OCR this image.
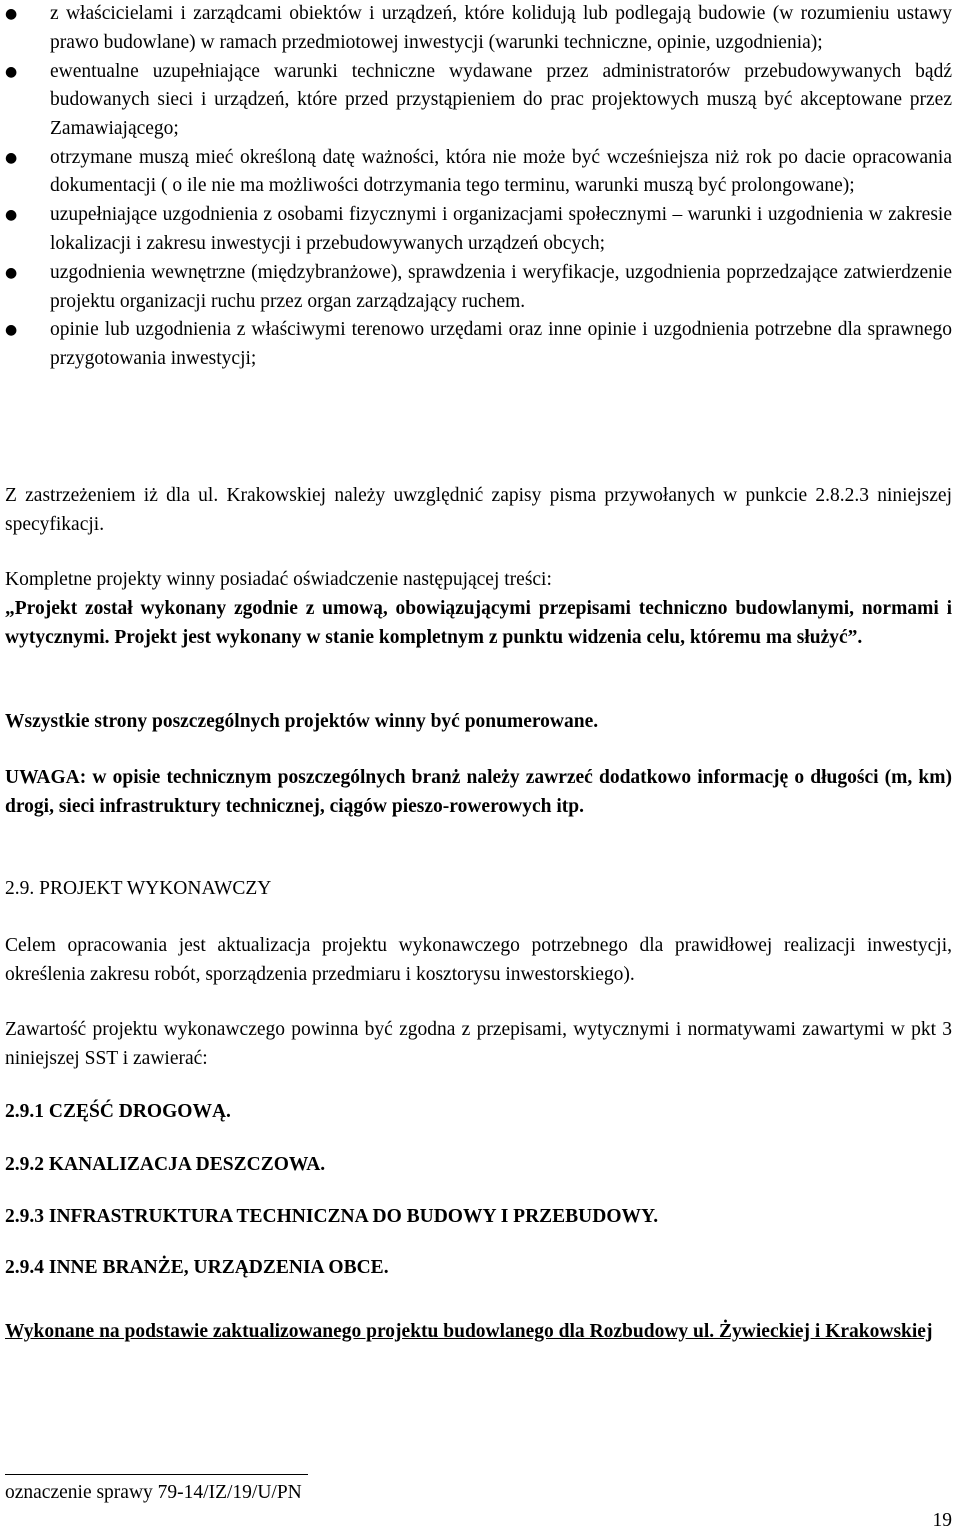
● z właścicielami i zarządcami obiektów i urządzeń, które kolidują lub podlegają budowie (w rozumieniu ustawy prawo budowlane) w ramach przedmiotowej inwestycji (warunki techniczne, opinie, uzgodnienia);
● ewentualne uzupełniające warunki techniczne wydawane przez administratorów przebudowywanych bądź budowanych sieci i urządzeń, które przed przystąpieniem do prac projektowych muszą być akceptowane przez Zamawiającego;
● otrzymane muszą mieć określoną datę ważności, która nie może być wcześniejsza niż rok po dacie opracowania dokumentacji ( o ile nie ma możliwości dotrzymania tego terminu, warunki muszą być prolongowane);
● uzupełniające uzgodnienia z osobami fizycznymi i organizacjami społecznymi – warunki i uzgodnienia w zakresie lokalizacji i zakresu inwestycji i przebudowywanych urządzeń obcych;
● uzgodnienia wewnętrzne (międzybranżowe), sprawdzenia i weryfikacje, uzgodnienia poprzedzające zatwierdzenie projektu organizacji ruchu przez organ zarządzający ruchem.
● opinie lub uzgodnienia z właściwymi terenowo urzędami oraz inne opinie i uzgodnienia potrzebne dla sprawnego przygotowania inwestycji;

Z zastrzeżeniem iż dla ul. Krakowskiej należy uwzględnić zapisy pisma przywołanych w punkcie 2.8.2.3 niniejszej specyfikacji.

Kompletne projekty winny posiadać oświadczenie następującej treści:

„Projekt został wykonany zgodnie z umową, obowiązującymi przepisami techniczno budowlanymi, normami i wytycznymi. Projekt jest wykonany w stanie kompletnym z punktu widzenia celu, któremu ma służyć”.

Wszystkie strony poszczególnych projektów winny być ponumerowane.

UWAGA: w opisie technicznym poszczególnych branż należy zawrzeć dodatkowo informację o długości (m, km) drogi, sieci infrastruktury technicznej, ciągów pieszo-rowerowych itp.

2.9. PROJEKT WYKONAWCZY

Celem opracowania jest aktualizacja projektu wykonawczego potrzebnego dla prawidłowej realizacji inwestycji, określenia zakresu robót, sporządzenia przedmiaru i kosztorysu inwestorskiego).

Zawartość projektu wykonawczego powinna być zgodna z przepisami, wytycznymi i normatywami zawartymi w pkt 3 niniejszej SST i zawierać:

2.9.1 CZĘŚĆ DROGOWĄ.

2.9.2 KANALIZACJA DESZCZOWA.

2.9.3 INFRASTRUKTURA TECHNICZNA DO BUDOWY I PRZEBUDOWY.

2.9.4 INNE BRANŻE, URZĄDZENIA OBCE.

Wykonane na podstawie zaktualizowanego projektu budowlanego dla Rozbudowy ul. Żywieckiej i Krakowskiej

oznaczenie sprawy 79-14/IZ/19/U/PN
19
